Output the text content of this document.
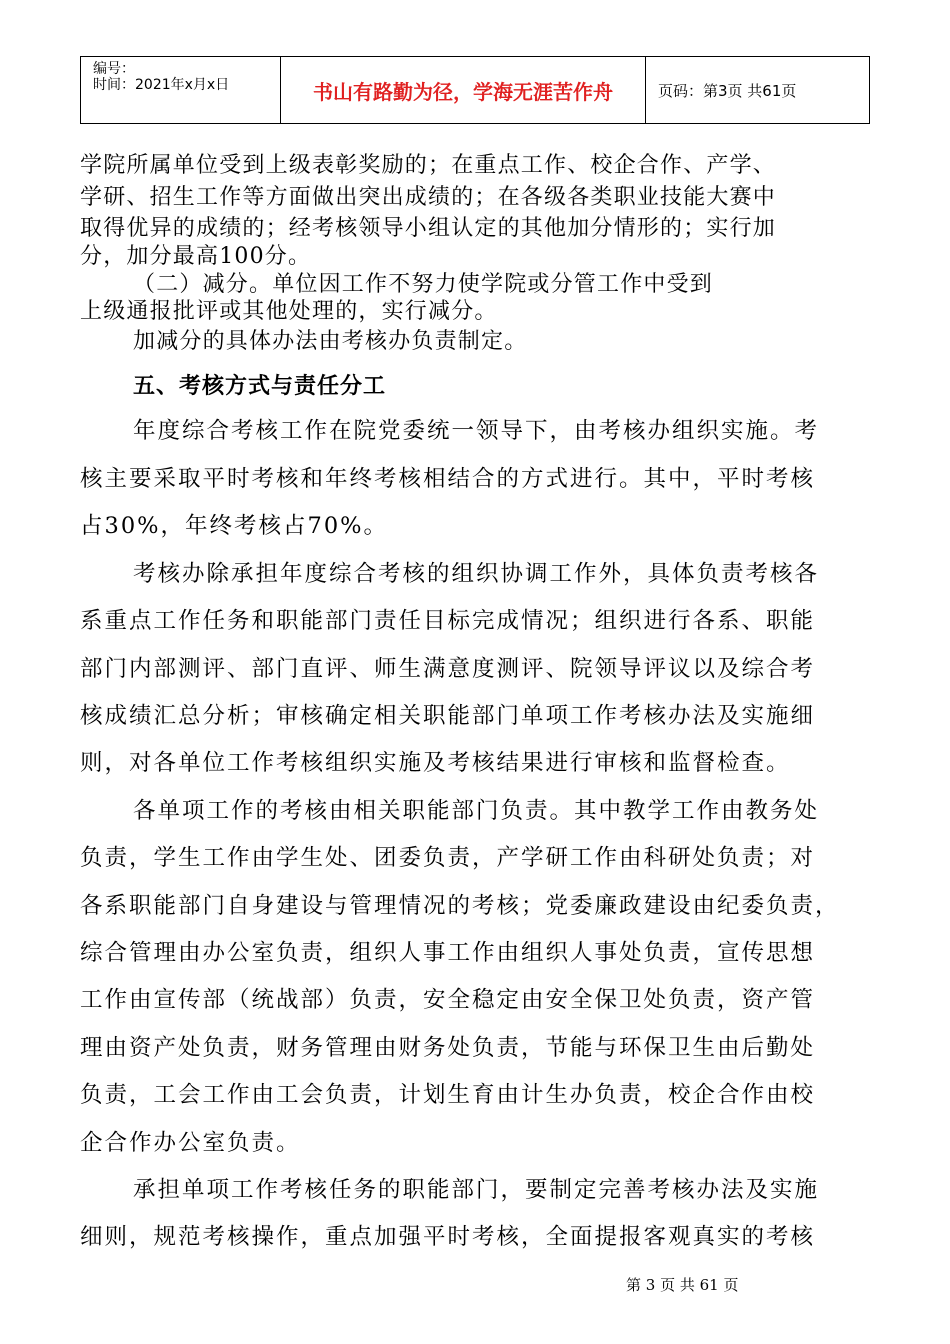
编号：
时间：2021年x月x日	书山有路勤为径，学海无涯苦作舟	页码：第3页 共61页
学院所属单位受到上级表彰奖励的；在重点工作、校企合作、产学、
学研、招生工作等方面做出突出成绩的；在各级各类职业技能大赛中
取得优异的成绩的；经考核领导小组认定的其他加分情形的；实行加
分，加分最高100分。
（二）减分。单位因工作不努力使学院或分管工作中受到
上级通报批评或其他处理的，实行减分。
加减分的具体办法由考核办负责制定。
五、考核方式与责任分工
年度综合考核工作在院党委统一领导下，由考核办组织实施。考
核主要采取平时考核和年终考核相结合的方式进行。其中，平时考核
占30%，年终考核占70%。
考核办除承担年度综合考核的组织协调工作外，具体负责考核各
系重点工作任务和职能部门责任目标完成情况；组织进行各系、职能
部门内部测评、部门直评、师生满意度测评、院领导评议以及综合考
核成绩汇总分析；审核确定相关职能部门单项工作考核办法及实施细
则，对各单位工作考核组织实施及考核结果进行审核和监督检查。
各单项工作的考核由相关职能部门负责。其中教学工作由教务处
负责，学生工作由学生处、团委负责，产学研工作由科研处负责；对
各系职能部门自身建设与管理情况的考核；党委廉政建设由纪委负责，
综合管理由办公室负责，组织人事工作由组织人事处负责，宣传思想
工作由宣传部（统战部）负责，安全稳定由安全保卫处负责，资产管
理由资产处负责，财务管理由财务处负责，节能与环保卫生由后勤处
负责，工会工作由工会负责，计划生育由计生办负责，校企合作由校
企合作办公室负责。
承担单项工作考核任务的职能部门，要制定完善考核办法及实施
细则，规范考核操作，重点加强平时考核，全面提报客观真实的考核
第 3 页 共 61 页
